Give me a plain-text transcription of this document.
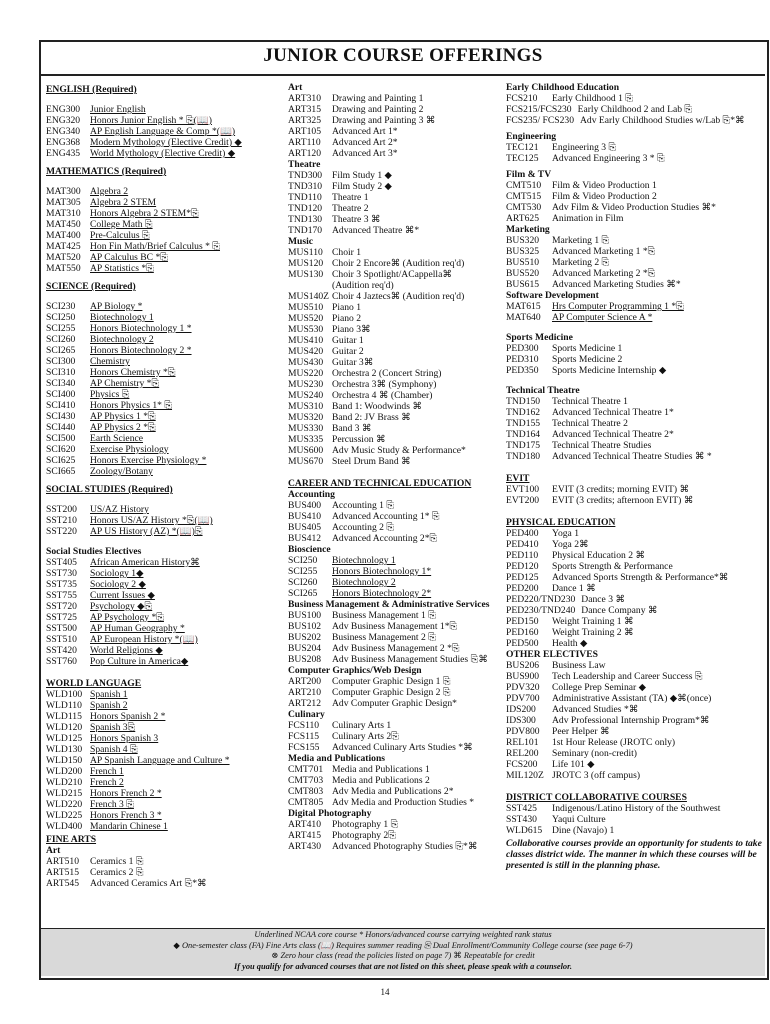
JUNIOR COURSE OFFERINGS
ENGLISH (Required)
ENG300	Junior English
ENG320	Honors Junior English * ⎘(📖)
ENG340	AP English Language & Comp *(📖)
ENG368	Modern Mythology (Elective Credit) ◆
ENG435	World Mythology (Elective Credit) ◆
MATHEMATICS (Required)
MAT300 Algebra 2
MAT305 Algebra 2 STEM
MAT310 Honors Algebra 2 STEM*⎘
MAT450 College Math ⎘
MAT400 Pre-Calculus ⎘
MAT425 Hon Fin Math/Brief Calculus * ⎘
MAT520 AP Calculus BC *⎘
MAT550 AP Statistics *⎘
SCIENCE (Required)
SCI230	AP Biology *
SCI250	Biotechnology 1
SCI255	Honors Biotechnology 1 *
SCI260	Biotechnology 2
SCI265	Honors Biotechnology 2 *
SCI300	Chemistry
SCI310	Honors Chemistry *⎘
SCI340	AP Chemistry *⎘
SCI400	Physics ⎘
SCI410	Honors Physics 1* ⎘
SCI430	AP Physics 1 *⎘
SCI440	AP Physics 2 *⎘
SCI500	Earth Science
SCI620	Exercise Physiology
SCI625	Honors Exercise Physiology *
SCI665	Zoology/Botany
SOCIAL STUDIES (Required)
SST200	US/AZ History
SST210	Honors US/AZ History *⎘(📖)
SST220	AP US History (AZ) *(📖)⎘
Social Studies Electives
SST405	African American History⌘
SST730	Sociology 1◆
SST735	Sociology 2 ◆
SST755	Current Issues ◆
SST720	Psychology ◆⎘
SST725	AP Psychology *⎘
SST500	AP Human Geography *
SST510	AP European History *(📖)
SST420	World Religions ◆
SST760	Pop Culture in America◆
WORLD LANGUAGE
WLD100 Spanish 1
WLD110 Spanish 2
WLD115 Honors Spanish 2 *
WLD120 Spanish 3⎘
WLD125 Honors Spanish 3
WLD130 Spanish 4 ⎘
WLD150 AP Spanish Language and Culture *
WLD200 French 1
WLD210 French 2
WLD215 Honors French 2 *
WLD220 French 3 ⎘
WLD225 Honors French 3 *
WLD400 Mandarin Chinese 1
FINE ARTS
Art
ART510	Ceramics 1 ⎘
ART515	Ceramics 2 ⎘
ART545	Advanced Ceramics Art ⎘*⌘
Art
ART310	Drawing and Painting 1
ART315	Drawing and Painting 2
ART325	Drawing and Painting 3 ⌘
ART105	Advanced Art 1*
ART110	Advanced Art 2*
ART120	Advanced Art 3*
Theatre
TND300	Film Study 1 ◆
TND310	Film Study 2 ◆
TND110	Theatre 1
TND120	Theatre 2
TND130	Theatre 3 ⌘
TND170	Advanced Theatre ⌘*
Music
MUS110 Choir 1
MUS120 Choir 2 Encore⌘ (Audition req'd)
MUS130 Choir 3 Spotlight/ACappella⌘
(Audition req'd)
MUS140Z Choir 4 Jaztecs⌘ (Audition req'd)
MUS510 Piano 1
MUS520 Piano 2
MUS530 Piano 3⌘
MUS410 Guitar 1
MUS420 Guitar 2
MUS430 Guitar 3⌘
MUS220 Orchestra 2 (Concert String)
MUS230 Orchestra 3⌘ (Symphony)
MUS240 Orchestra 4 ⌘ (Chamber)
MUS310 Band 1: Woodwinds ⌘
MUS320 Band 2: JV Brass ⌘
MUS330 Band 3 ⌘
MUS335 Percussion ⌘
MUS600 Adv Music Study & Performance*
MUS670 Steel Drum Band ⌘
CAREER AND TECHNICAL EDUCATION
Accounting
BUS400	Accounting 1 ⎘
BUS410	Advanced Accounting 1* ⎘
BUS405	Accounting 2 ⎘
BUS412	Advanced Accounting 2*⎘
Bioscience
SCI250	Biotechnology 1
SCI255	Honors Biotechnology 1*
SCI260	Biotechnology 2
SCI265	Honors Biotechnology 2*
Business Management & Administrative Services
BUS100	Business Management 1 ⎘
BUS102	Adv Business Management 1*⎘
BUS202	Business Management 2 ⎘
BUS204	Adv Business Management 2 *⎘
BUS208	Adv Business Management Studies ⎘⌘
Computer Graphics/Web Design
ART200	Computer Graphic Design 1 ⎘
ART210	Computer Graphic Design 2 ⎘
ART212	Adv Computer Graphic Design*
Culinary
FCS110	Culinary Arts 1
FCS115	Culinary Arts 2⎘
FCS155	Advanced Culinary Arts Studies *⌘
Media and Publications
CMT701 Media and Publications 1
CMT703 Media and Publications 2
CMT803 Adv Media and Publications 2*
CMT805 Adv Media and Production Studies *
Digital Photography
ART410	Photography 1 ⎘
ART415	Photography 2⎘
ART430	Advanced Photography Studies ⎘*⌘
Early Childhood Education
FCS210	Early Childhood 1 ⎘
FCS215/FCS230 Early Childhood 2 and Lab ⎘
FCS235/ FCS230 Adv Early Childhood Studies w/Lab ⎘*⌘
Engineering
TEC121	Engineering 3 ⎘
TEC125	Advanced Engineering 3 * ⎘
Film & TV
CMT510	Film & Video Production 1
CMT515	Film & Video Production 2
CMT530	Adv Film & Video Production Studies ⌘*
ART625	Animation in Film
Marketing
BUS320	Marketing 1 ⎘
BUS325	Advanced Marketing 1 *⎘
BUS510	Marketing 2 ⎘
BUS520	Advanced Marketing 2 *⎘
BUS615	Advanced Marketing Studies ⌘*
Software Development
MAT615	Hrs Computer Programming 1 *⎘
MAT640	AP Computer Science A *
Sports Medicine
PED300	Sports Medicine 1
PED310	Sports Medicine 2
PED350	Sports Medicine Internship ◆
Technical Theatre
TND150	Technical Theatre 1
TND162	Advanced Technical Theatre 1*
TND155	Technical Theatre 2
TND164	Advanced Technical Theatre 2*
TND175	Technical Theatre Studies
TND180	Advanced Technical Theatre Studies ⌘ *
EVIT
EVT100	EVIT (3 credits; morning EVIT) ⌘
EVT200	EVIT (3 credits; afternoon EVIT) ⌘
PHYSICAL EDUCATION
PED400	Yoga 1
PED410	Yoga 2⌘
PED110	Physical Education 2 ⌘
PED120	Sports Strength & Performance
PED125	Advanced Sports Strength & Performance*⌘
PED200	Dance 1 ⌘
PED220/TND230 Dance 3 ⌘
PED230/TND240 Dance Company ⌘
PED150	Weight Training 1 ⌘
PED160	Weight Training 2 ⌘
PED500	Health ◆
OTHER ELECTIVES
BUS206	Business Law
BUS900	Tech Leadership and Career Success ⎘
PDV320	College Prep Seminar ◆
PDV700	Administrative Assistant (TA) ◆⌘(once)
IDS200	Advanced Studies *⌘
IDS300	Adv Professional Internship Program*⌘
PDV800	Peer Helper ⌘
REL101	1st Hour Release (JROTC only)
REL200	Seminary (non-credit)
FCS200	Life 101 ◆
MIL120Z JROTC 3 (off campus)
DISTRICT COLLABORATIVE COURSES
SST425	Indigenous/Latino History of the Southwest
SST430	Yaqui Culture
WLD615	Dine (Navajo) 1
Collaborative courses provide an opportunity for students to take classes district wide. The manner in which these courses will be presented is still in the planning phase.
Underlined NCAA core course * Honors/advanced course carrying weighted rank status
◆ One-semester class (FA) Fine Arts class (📖) Requires summer reading ⎘ Dual Enrollment/Community College course (see page 6-7)
⊗ Zero hour class (read the policies listed on page 7) ⌘ Repeatable for credit
If you qualify for advanced courses that are not listed on this sheet, please speak with a counselor.
14
